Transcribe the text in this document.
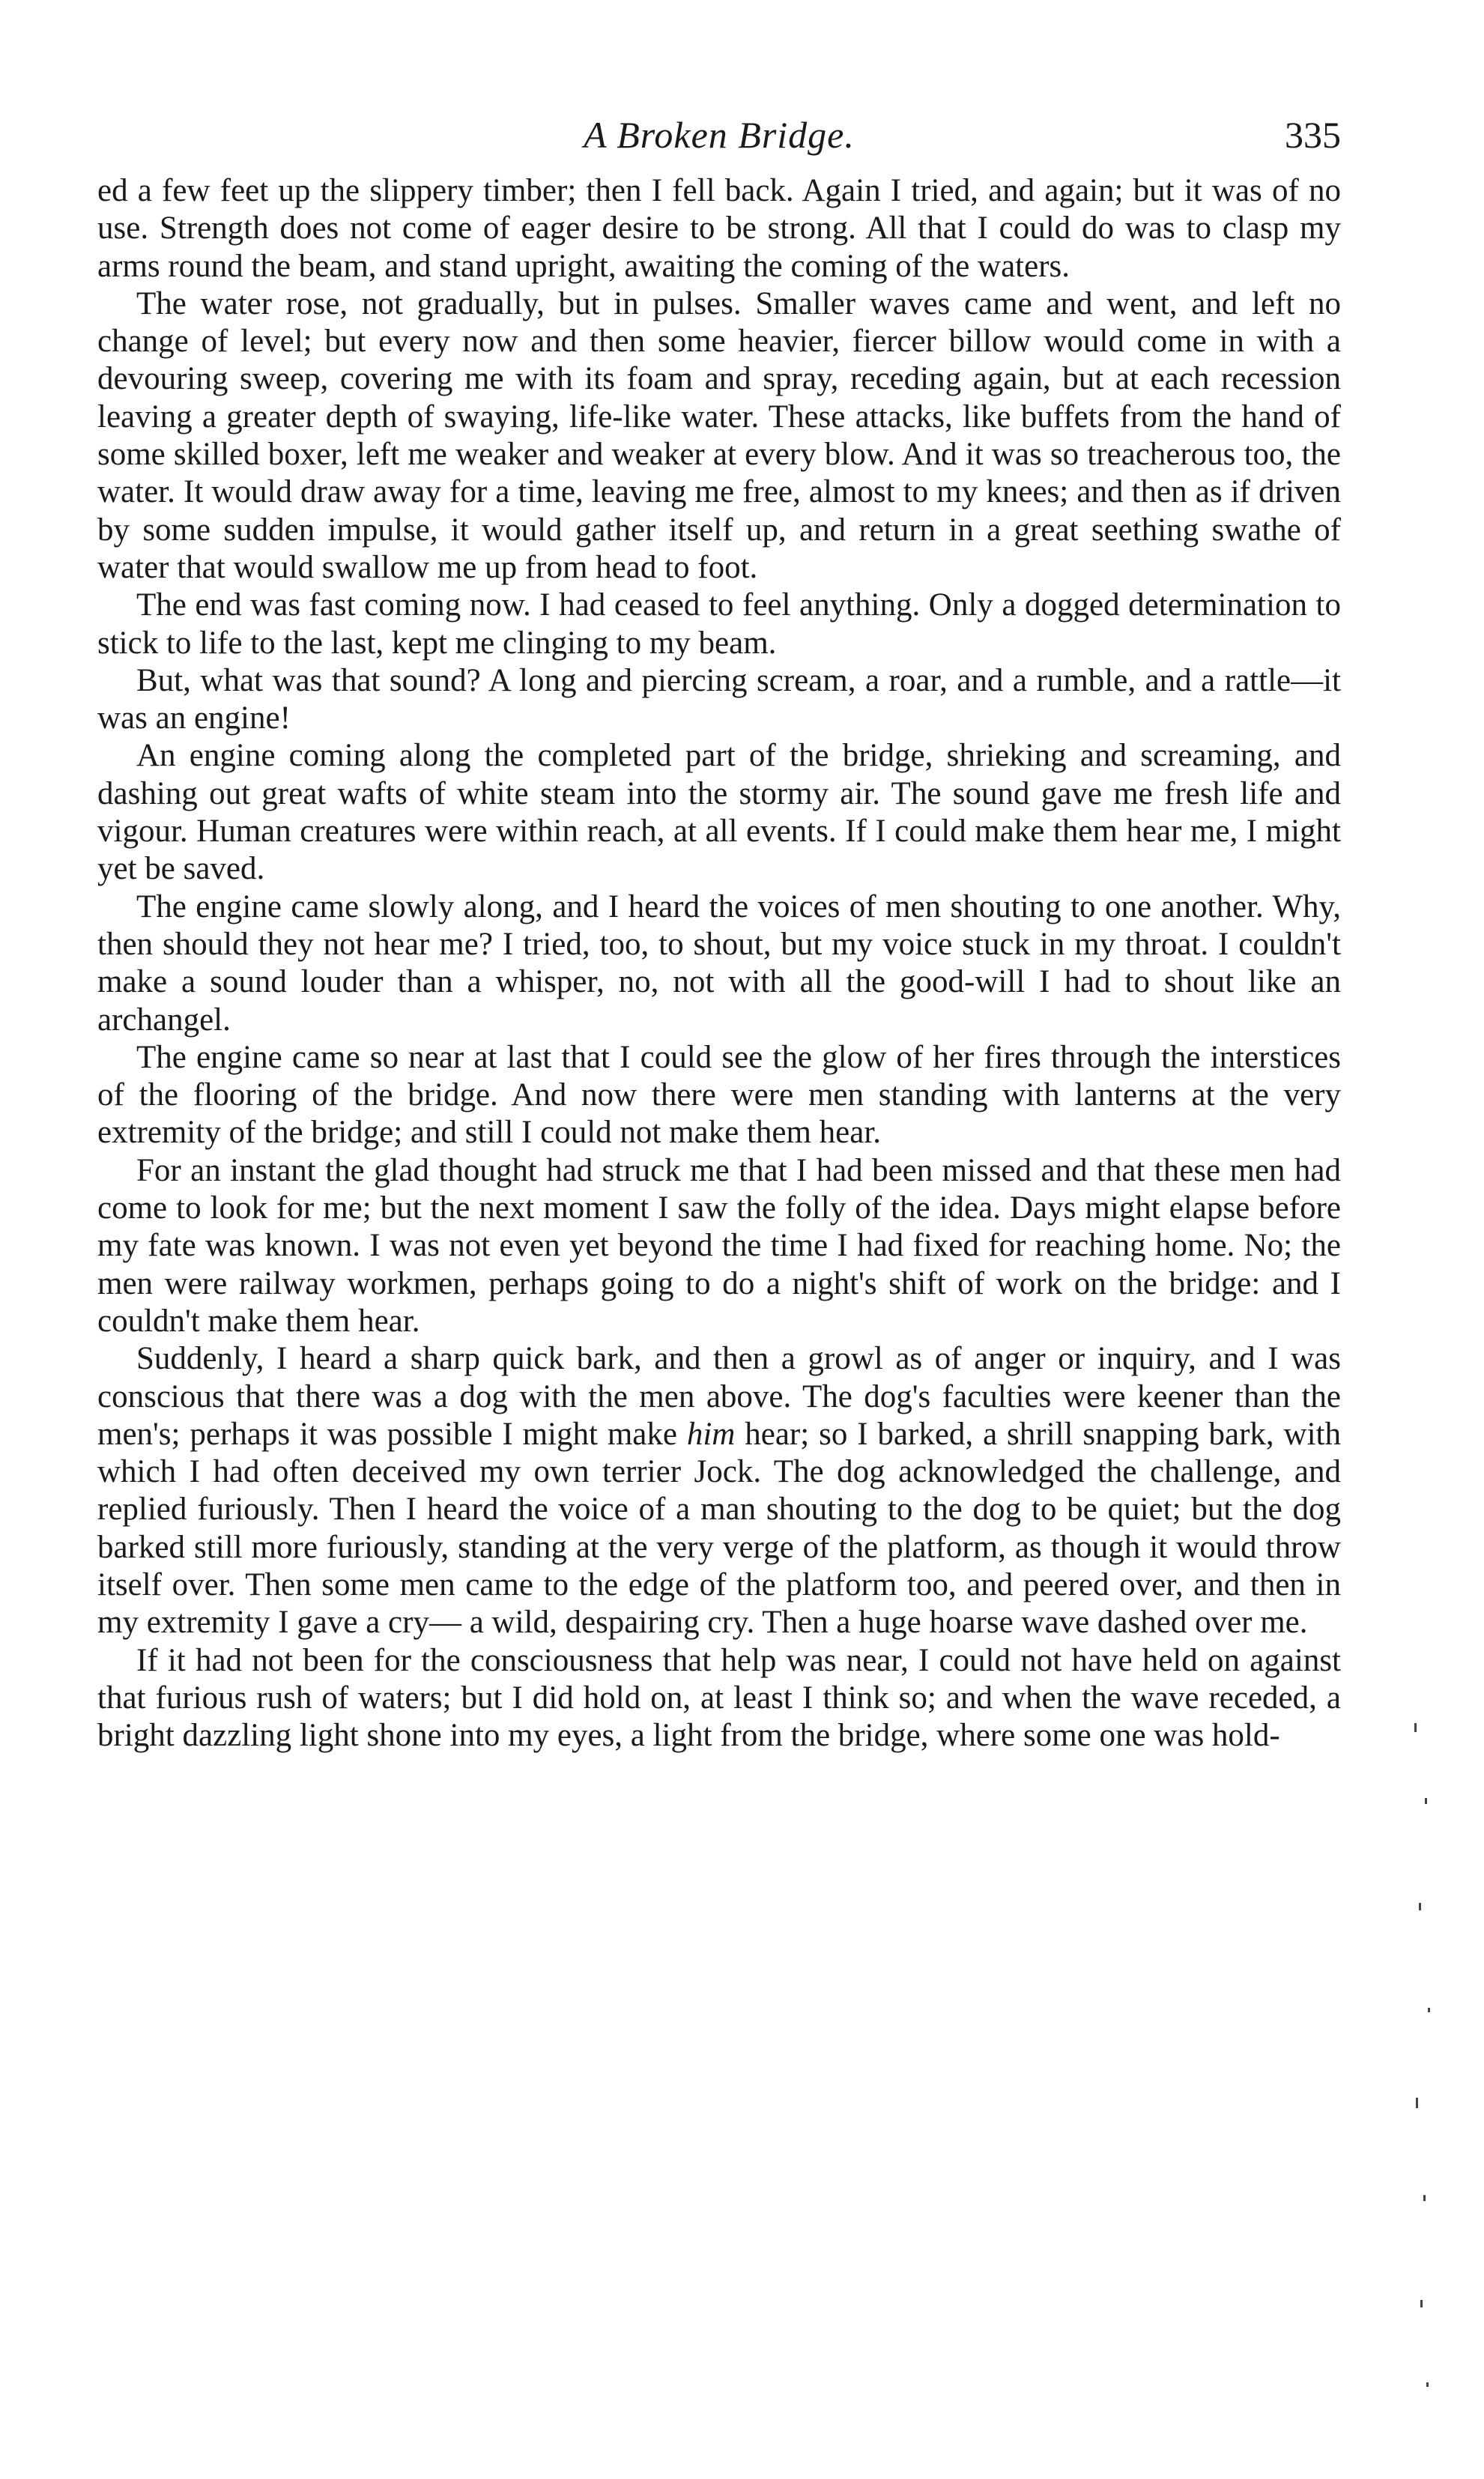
A Broken Bridge.	335

ed a few feet up the slippery timber; then I fell back. Again I tried, and again; but it was of no use. Strength does not come of eager desire to be strong. All that I could do was to clasp my arms round the beam, and stand upright, awaiting the coming of the waters.

The water rose, not gradually, but in pulses. Smaller waves came and went, and left no change of level; but every now and then some heavier, fiercer billow would come in with a devouring sweep, covering me with its foam and spray, receding again, but at each recession leaving a greater depth of swaying, life-like water. These attacks, like buffets from the hand of some skilled boxer, left me weaker and weaker at every blow. And it was so treacherous too, the water. It would draw away for a time, leaving me free, almost to my knees; and then as if driven by some sudden impulse, it would gather itself up, and return in a great seething swathe of water that would swallow me up from head to foot.

The end was fast coming now. I had ceased to feel anything. Only a dogged determination to stick to life to the last, kept me clinging to my beam.

But, what was that sound? A long and piercing scream, a roar, and a rumble, and a rattle—it was an engine!

An engine coming along the completed part of the bridge, shrieking and screaming, and dashing out great wafts of white steam into the stormy air. The sound gave me fresh life and vigour. Human creatures were within reach, at all events. If I could make them hear me, I might yet be saved.

The engine came slowly along, and I heard the voices of men shouting to one another. Why, then should they not hear me? I tried, too, to shout, but my voice stuck in my throat. I couldn't make a sound louder than a whisper, no, not with all the good-will I had to shout like an archangel.

The engine came so near at last that I could see the glow of her fires through the interstices of the flooring of the bridge. And now there were men standing with lanterns at the very extremity of the bridge; and still I could not make them hear.

For an instant the glad thought had struck me that I had been missed and that these men had come to look for me; but the next moment I saw the folly of the idea. Days might elapse before my fate was known. I was not even yet beyond the time I had fixed for reaching home. No; the men were railway workmen, perhaps going to do a night's shift of work on the bridge: and I couldn't make them hear.

Suddenly, I heard a sharp quick bark, and then a growl as of anger or inquiry, and I was conscious that there was a dog with the men above. The dog's faculties were keener than the men's; perhaps it was possible I might make him hear; so I barked, a shrill snapping bark, with which I had often deceived my own terrier Jock. The dog acknowledged the challenge, and replied furiously. Then I heard the voice of a man shouting to the dog to be quiet; but the dog barked still more furiously, standing at the very verge of the platform, as though it would throw itself over. Then some men came to the edge of the platform too, and peered over, and then in my extremity I gave a cry— a wild, despairing cry. Then a huge hoarse wave dashed over me.

If it had not been for the consciousness that help was near, I could not have held on against that furious rush of waters; but I did hold on, at least I think so; and when the wave receded, a bright dazzling light shone into my eyes, a light from the bridge, where some one was hold-
